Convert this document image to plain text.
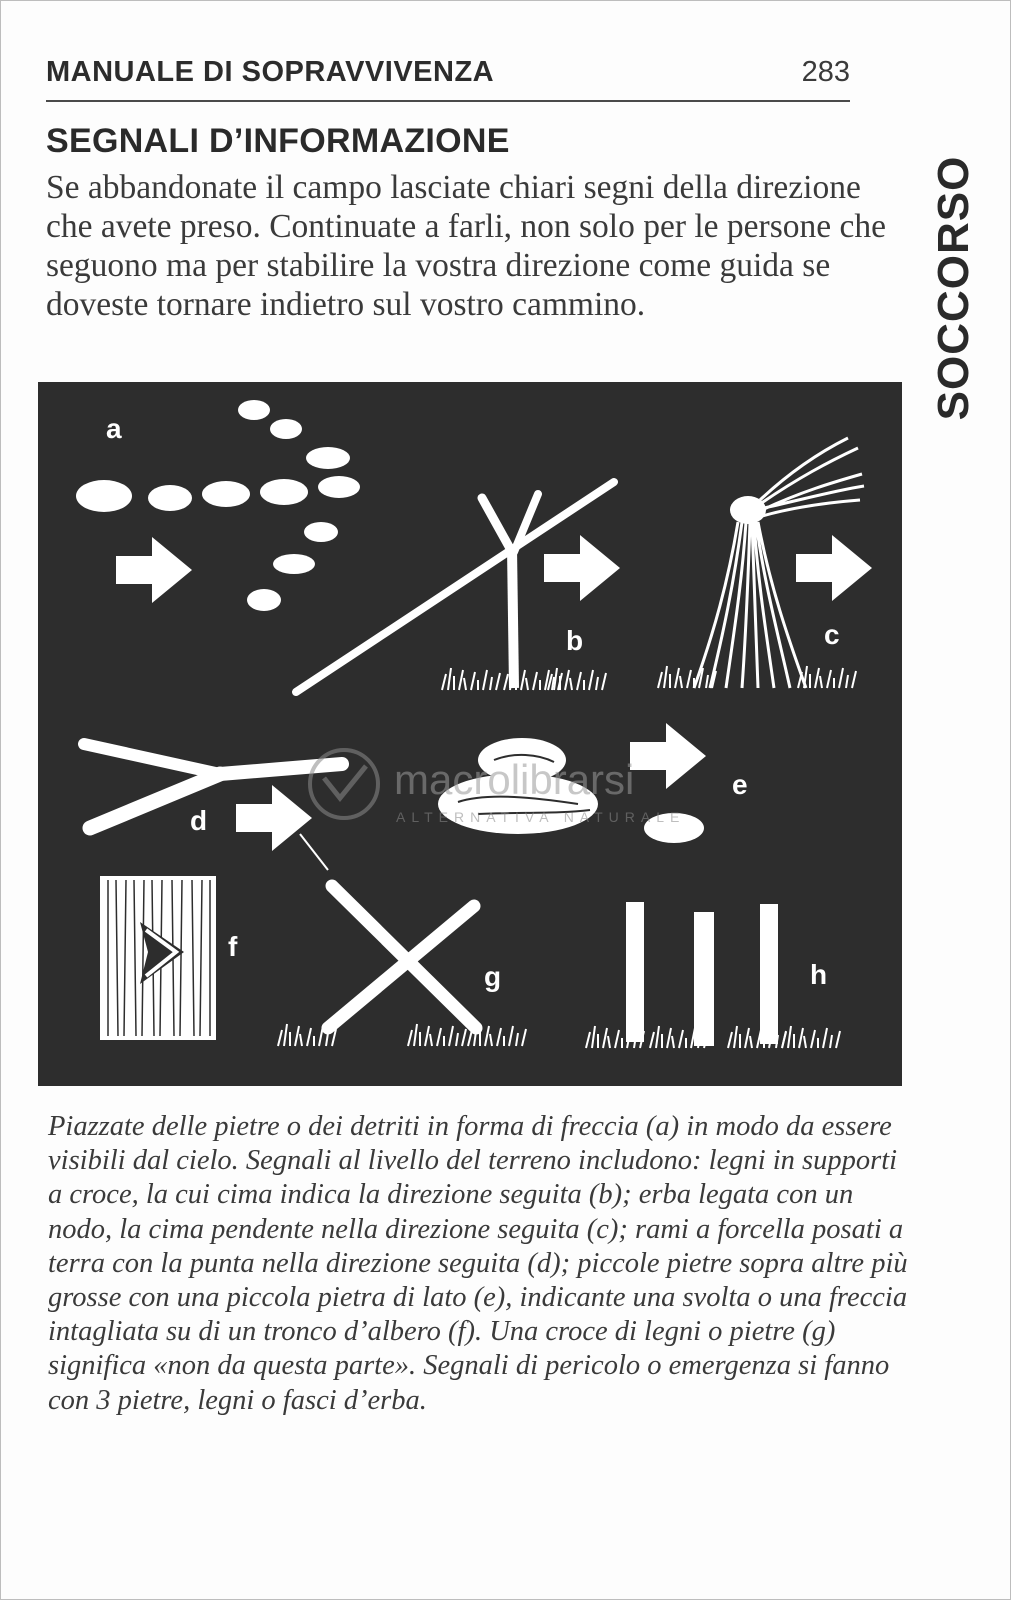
MANUALE DI SOPRAVVIVENZA	283
SEGNALI D’INFORMAZIONE

Se abbandonate il campo lasciate chiari segni della direzione che avete preso. Continuate a farli, non solo per le persone che seguono ma per stabilire la vostra direzione come guida se doveste tornare indietro sul vostro cammino.	SOCCORSO
macrolibrarsi
ALTERNATIVA NATURALE
a
b	c
d
e
f
g	h

Piazzate delle pietre o dei detriti in forma di freccia (a) in modo da essere visibili dal cielo. Segnali al livello del terreno includono: legni in supporti a croce, la cui cima indica la direzione seguita (b); erba legata con un nodo, la cima pendente nella direzione seguita (c); rami a forcella posati a terra con la punta nella direzione seguita (d); piccole pietre sopra altre più grosse con una piccola pietra di lato (e), indicante una svolta o una freccia intagliata su di un tronco d’albero (f). Una croce di legni o pietre (g) significa «non da questa parte». Segnali di pericolo o emergenza si fanno con 3 pietre, legni o fasci d’erba.
